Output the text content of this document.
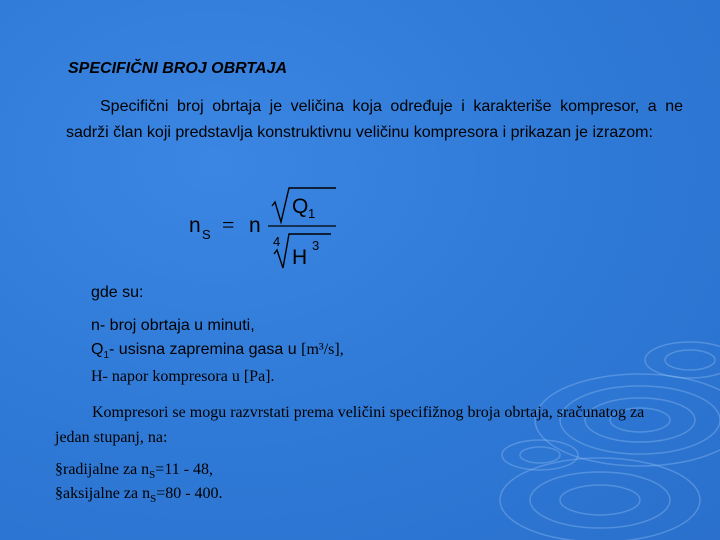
SPECIFIČNI BROJ OBRTAJA
Specifični broj obrtaja je veličina koja određuje i karakteriše kompresor, a ne sadrži član koji predstavlja konstruktivnu veličinu kompresora i prikazan je izrazom:
n S = n
Q 1
4
H
3
gde su:
n- broj obrtaja u minuti,
$Q_1-$ usisna zapremina gasa u [m³/s],
H- napor kompresora u [Pa].
Kompresori se mogu razvrstati prema veličini specifižnog broja obrtaja, sračunatog za jedan stupanj, na:
§radijalne za $n_S=11 - 48$,
§aksijalne za $n_S=80 - 400$.
